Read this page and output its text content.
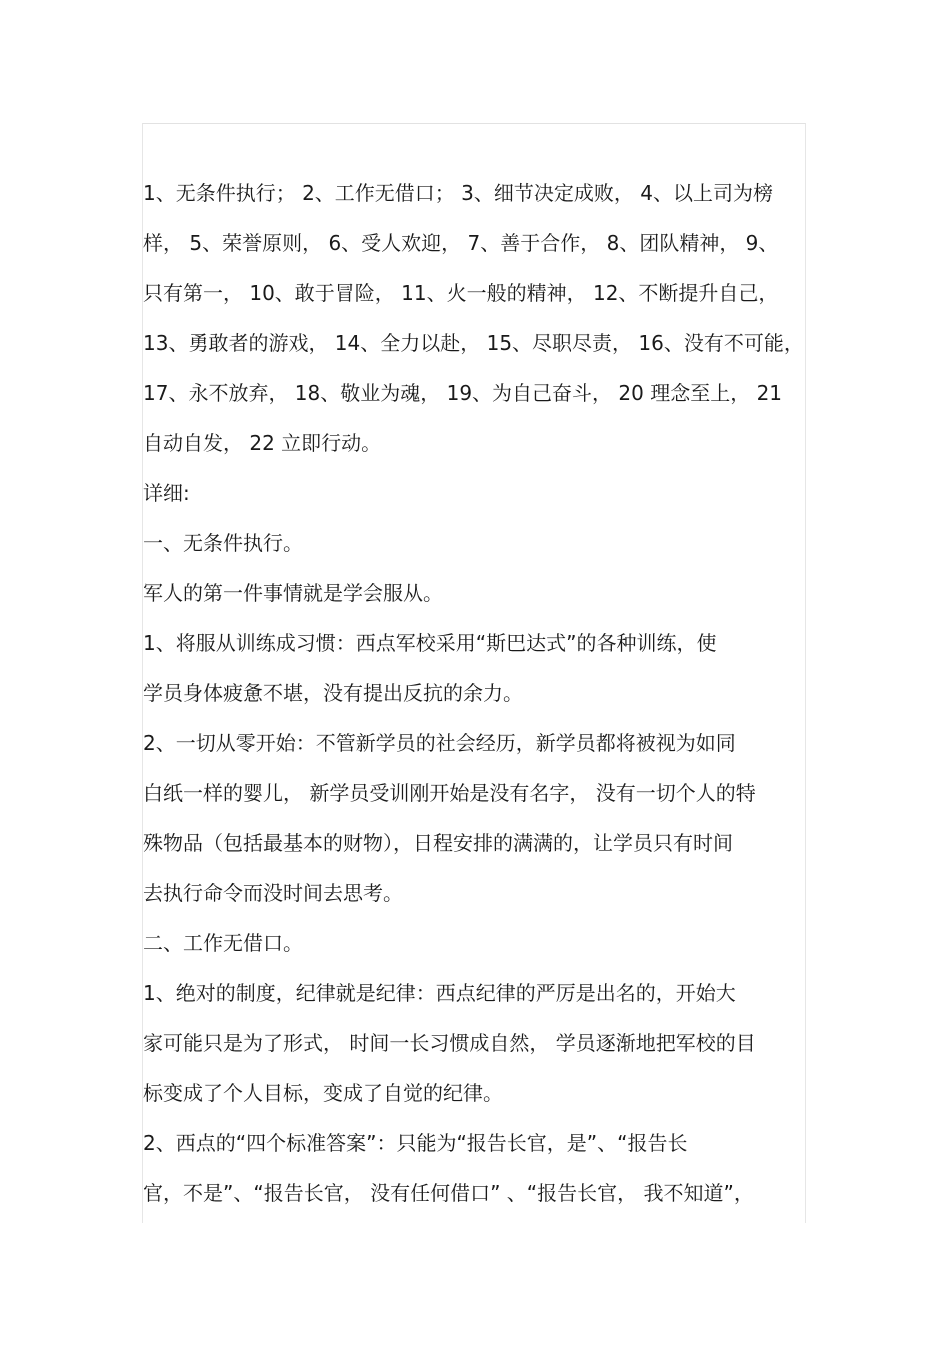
1、无条件执行； 2、工作无借口； 3、细节决定成败， 4、以上司为榜
样， 5、荣誉原则， 6、受人欢迎， 7、善于合作， 8、团队精神， 9、
只有第一， 10、敢于冒险， 11、火一般的精神， 12、不断提升自己，
13、勇敢者的游戏， 14、全力以赴， 15、尽职尽责， 16、没有不可能，
17、永不放弃， 18、敬业为魂， 19、为自己奋斗， 20 理念至上， 21
自动自发， 22 立即行动。
详细:
一、无条件执行。
军人的第一件事情就是学会服从。
1、将服从训练成习惯：西点军校采用“斯巴达式”的各种训练，使
学员身体疲惫不堪，没有提出反抗的余力。
2、一切从零开始：不管新学员的社会经历，新学员都将被视为如同
白纸一样的婴儿， 新学员受训刚开始是没有名字， 没有一切个人的特
殊物品（包括最基本的财物），日程安排的满满的，让学员只有时间
去执行命令而没时间去思考。
二、工作无借口。
1、绝对的制度，纪律就是纪律：西点纪律的严厉是出名的，开始大
家可能只是为了形式， 时间一长习惯成自然， 学员逐渐地把军校的目
标变成了个人目标，变成了自觉的纪律。
2、西点的“四个标准答案”：只能为“报告长官，是”、“报告长
官，不是”、“报告长官， 没有任何借口” 、“报告长官， 我不知道”，
